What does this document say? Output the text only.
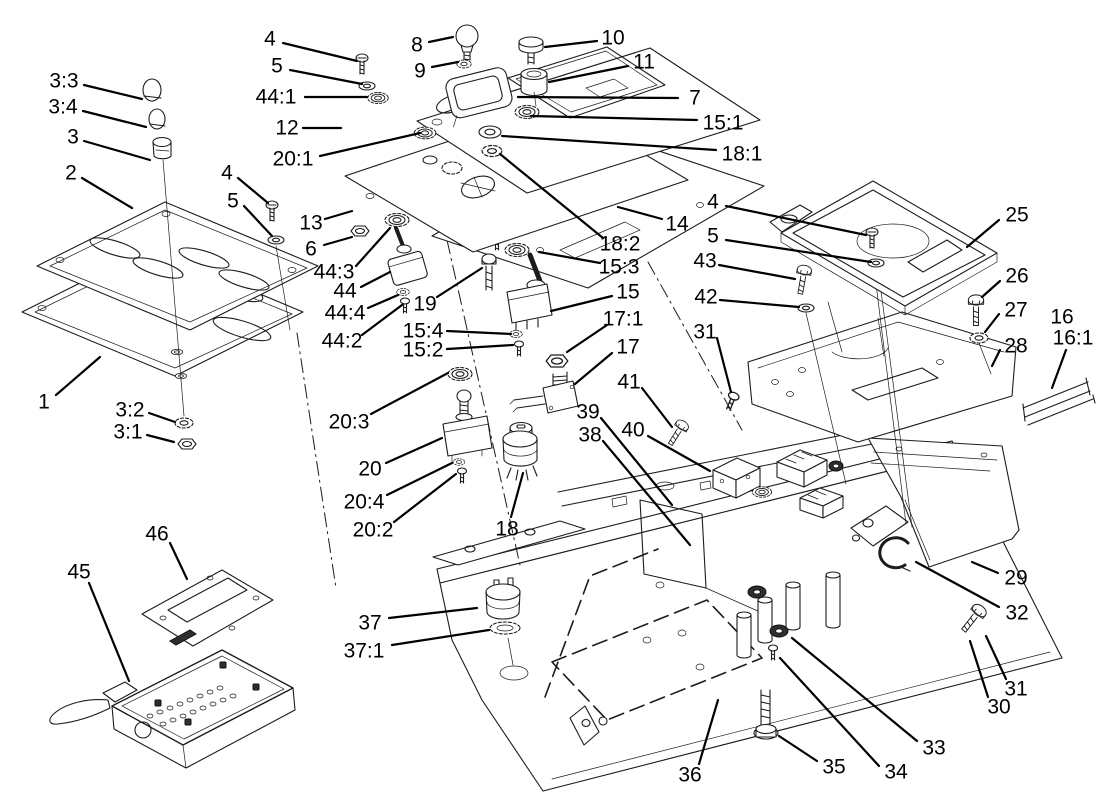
4
5
44:1
12
20:1
3:3
3:4
3
2	4
5
13
6
44:3
44
44:4
44:2
19
15:4
15:2
8
9
10
11
7
15:1
18:1
18:2
15:3
15
17:1
17
14
4
5
43
42
31
41
39
38 40
25
26
27
28
16
16:1
29
32
31
30
33
34
35
36
37
37:1
20:3
20
20:4
20:2	18
46
45
1	3:2
3:1
